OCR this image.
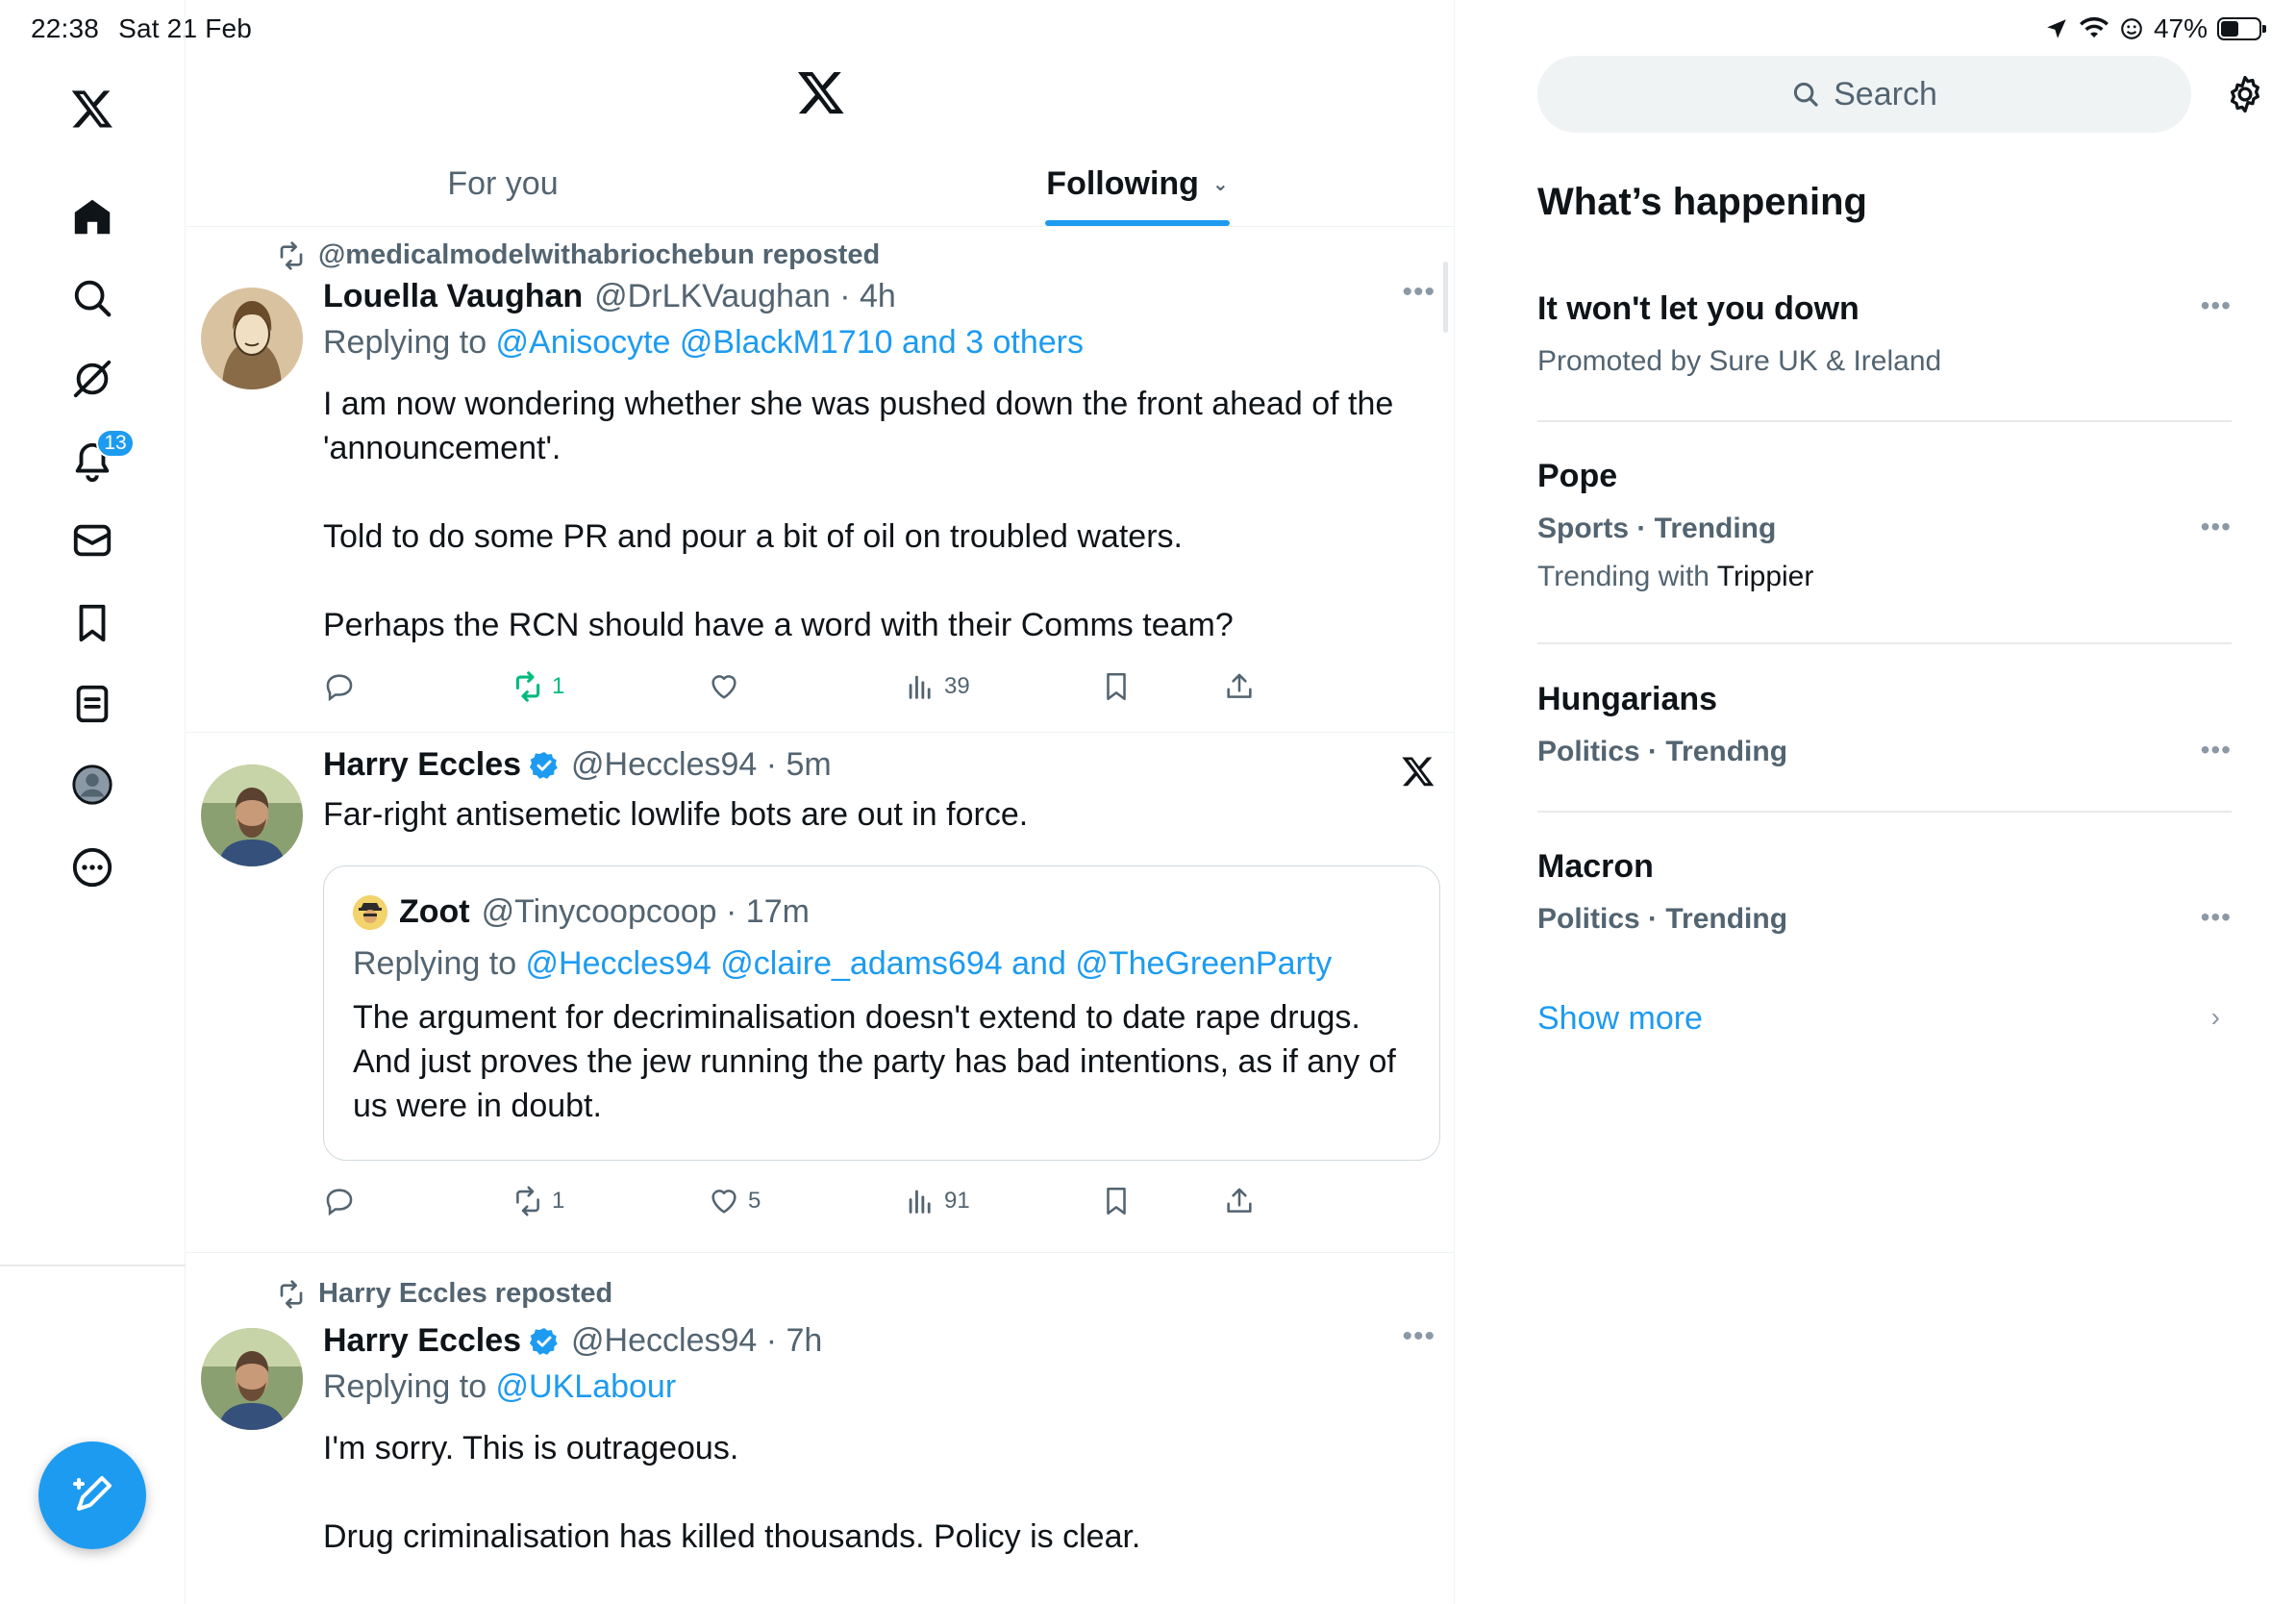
22:38 Sat 21 Feb	47%
13
For you	Following ⌄
@medicalmodelwithabriochebun reposted
Louella Vaughan @DrLKVaughan · 4h	•••
Replying to @Anisocyte @BlackM1710 and 3 others
I am now wondering whether she was pushed down the front ahead of the 'announcement'.

Told to do some PR and pour a bit of oil on troubled waters.

Perhaps the RCN should have a word with their Comms team?
1	39
Harry Eccles @Heccles94 · 5m
Far-right antisemetic lowlife bots are out in force.
Zoot @Tinycoopcoop · 17m
Replying to @Heccles94 @claire_adams694 and @TheGreenParty
The argument for decriminalisation doesn't extend to date rape drugs. And just proves the jew running the party has bad intentions, as if any of us were in doubt.
1	5	91
Harry Eccles reposted
Harry Eccles @Heccles94 · 7h	•••
Replying to @UKLabour
I'm sorry. This is outrageous.

Drug criminalisation has killed thousands. Policy is clear.
Search
What’s happening
It won't let you down
Promoted by Sure UK & Ireland
•••
Pope
Sports · Trending
Trending with Trippier
•••
Hungarians
Politics · Trending	•••
Macron
Politics · Trending	•••
Show more	›
